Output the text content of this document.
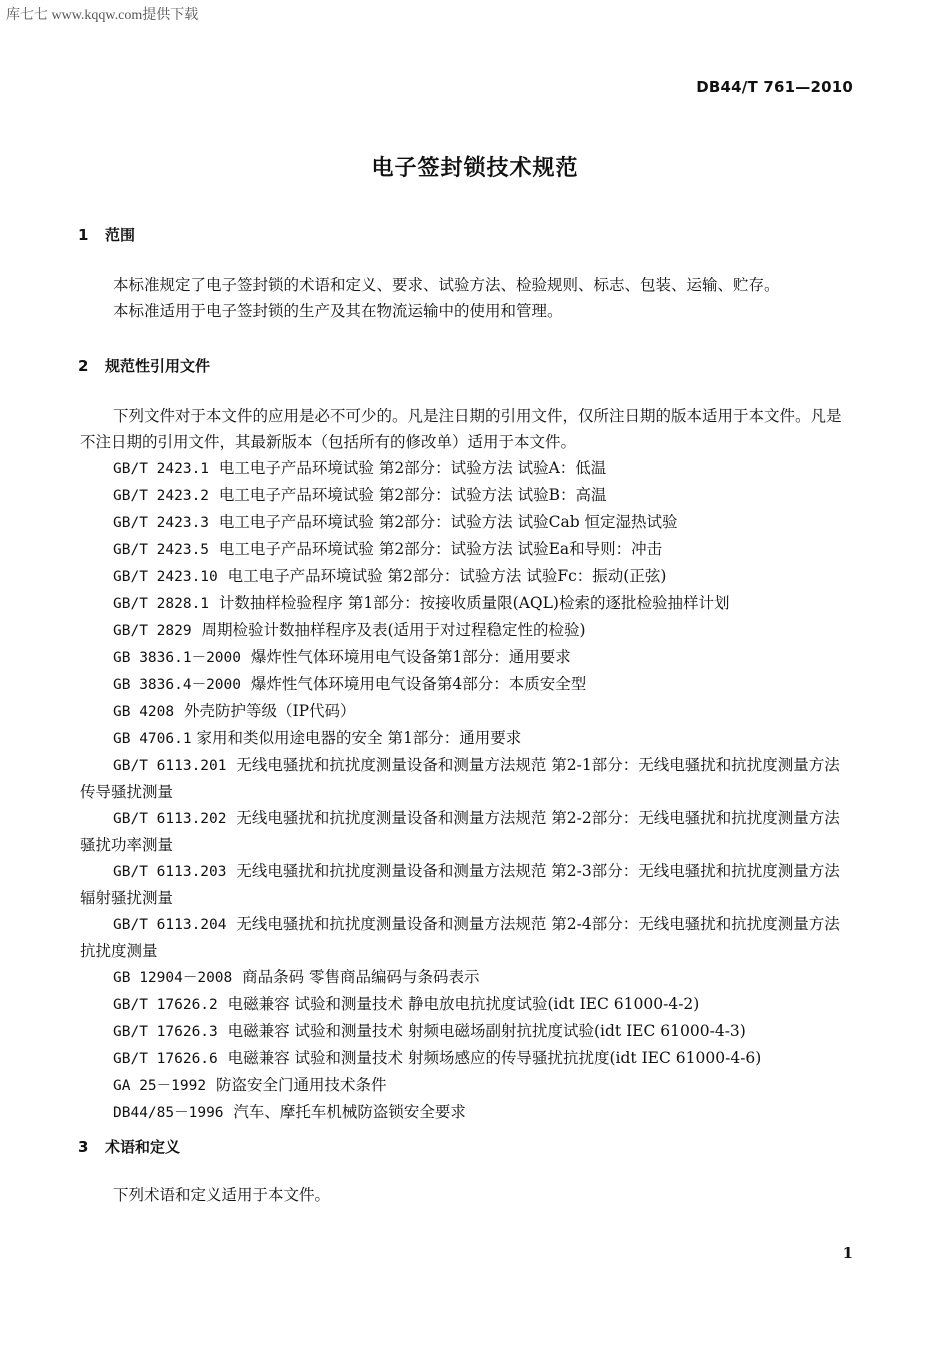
库七七 www.kqqw.com提供下载
DB44/T 761—2010
电子签封锁技术规范
1 范围

本标准规定了电子签封锁的术语和定义、要求、试验方法、检验规则、标志、包装、运输、贮存。

本标准适用于电子签封锁的生产及其在物流运输中的使用和管理。

2 规范性引用文件

下列文件对于本文件的应用是必不可少的。凡是注日期的引用文件，仅所注日期的版本适用于本文件。凡是不注日期的引用文件，其最新版本（包括所有的修改单）适用于本文件。

GB/T 2423.1 电工电子产品环境试验 第2部分：试验方法 试验A：低温

GB/T 2423.2 电工电子产品环境试验 第2部分：试验方法 试验B：高温

GB/T 2423.3 电工电子产品环境试验 第2部分：试验方法 试验Cab 恒定湿热试验

GB/T 2423.5 电工电子产品环境试验 第2部分：试验方法 试验Ea和导则：冲击

GB/T 2423.10 电工电子产品环境试验 第2部分：试验方法 试验Fc：振动(正弦)

GB/T 2828.1 计数抽样检验程序 第1部分：按接收质量限(AQL)检索的逐批检验抽样计划

GB/T 2829 周期检验计数抽样程序及表(适用于对过程稳定性的检验)

GB 3836.1－2000 爆炸性气体环境用电气设备第1部分：通用要求

GB 3836.4－2000 爆炸性气体环境用电气设备第4部分：本质安全型

GB 4208 外壳防护等级（IP代码）

GB 4706.1 家用和类似用途电器的安全 第1部分：通用要求

GB/T 6113.201 无线电骚扰和抗扰度测量设备和测量方法规范 第2-1部分：无线电骚扰和抗扰度测量方法 传导骚扰测量

GB/T 6113.202 无线电骚扰和抗扰度测量设备和测量方法规范 第2-2部分：无线电骚扰和抗扰度测量方法 骚扰功率测量

GB/T 6113.203 无线电骚扰和抗扰度测量设备和测量方法规范 第2-3部分：无线电骚扰和抗扰度测量方法 辐射骚扰测量

GB/T 6113.204 无线电骚扰和抗扰度测量设备和测量方法规范 第2-4部分：无线电骚扰和抗扰度测量方法 抗扰度测量

GB 12904－2008 商品条码 零售商品编码与条码表示

GB/T 17626.2 电磁兼容 试验和测量技术 静电放电抗扰度试验(idt IEC 61000-4-2)

GB/T 17626.3 电磁兼容 试验和测量技术 射频电磁场副射抗扰度试验(idt IEC 61000-4-3)

GB/T 17626.6 电磁兼容 试验和测量技术 射频场感应的传导骚扰抗扰度(idt IEC 61000-4-6)

GA 25－1992 防盗安全门通用技术条件

DB44/85－1996 汽车、摩托车机械防盗锁安全要求

3 术语和定义

下列术语和定义适用于本文件。

1
